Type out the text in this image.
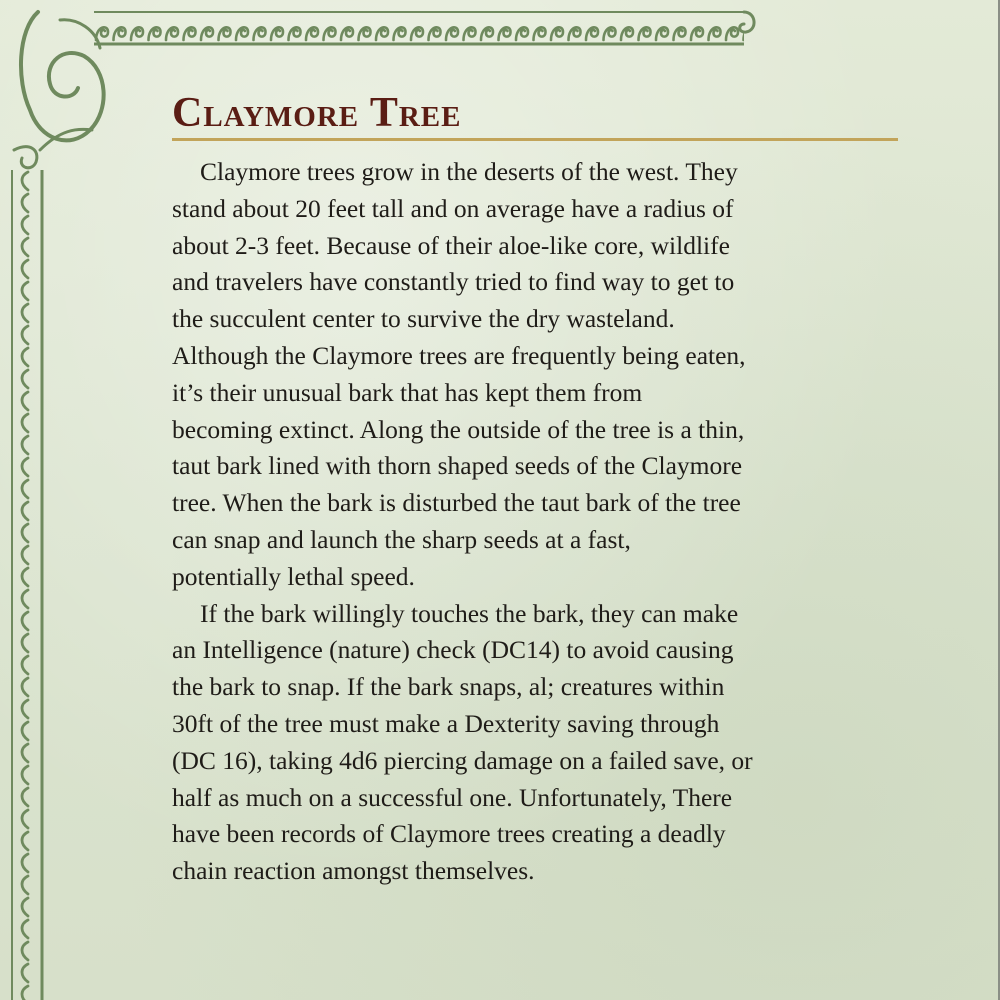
Claymore Tree

Claymore trees grow in the deserts of the west. They
stand about 20 feet tall and on average have a radius of
about 2-3 feet. Because of their aloe-like core, wildlife
and travelers have constantly tried to find way to get to
the succulent center to survive the dry wasteland.
Although the Claymore trees are frequently being eaten,
it’s their unusual bark that has kept them from
becoming extinct. Along the outside of the tree is a thin,
taut bark lined with thorn shaped seeds of the Claymore
tree. When the bark is disturbed the taut bark of the tree
can snap and launch the sharp seeds at a fast,
potentially lethal speed.

If the bark willingly touches the bark, they can make
an Intelligence (nature) check (DC14) to avoid causing
the bark to snap. If the bark snaps, al; creatures within
30ft of the tree must make a Dexterity saving through
(DC 16), taking 4d6 piercing damage on a failed save, or
half as much on a successful one. Unfortunately, There
have been records of Claymore trees creating a deadly
chain reaction amongst themselves.
